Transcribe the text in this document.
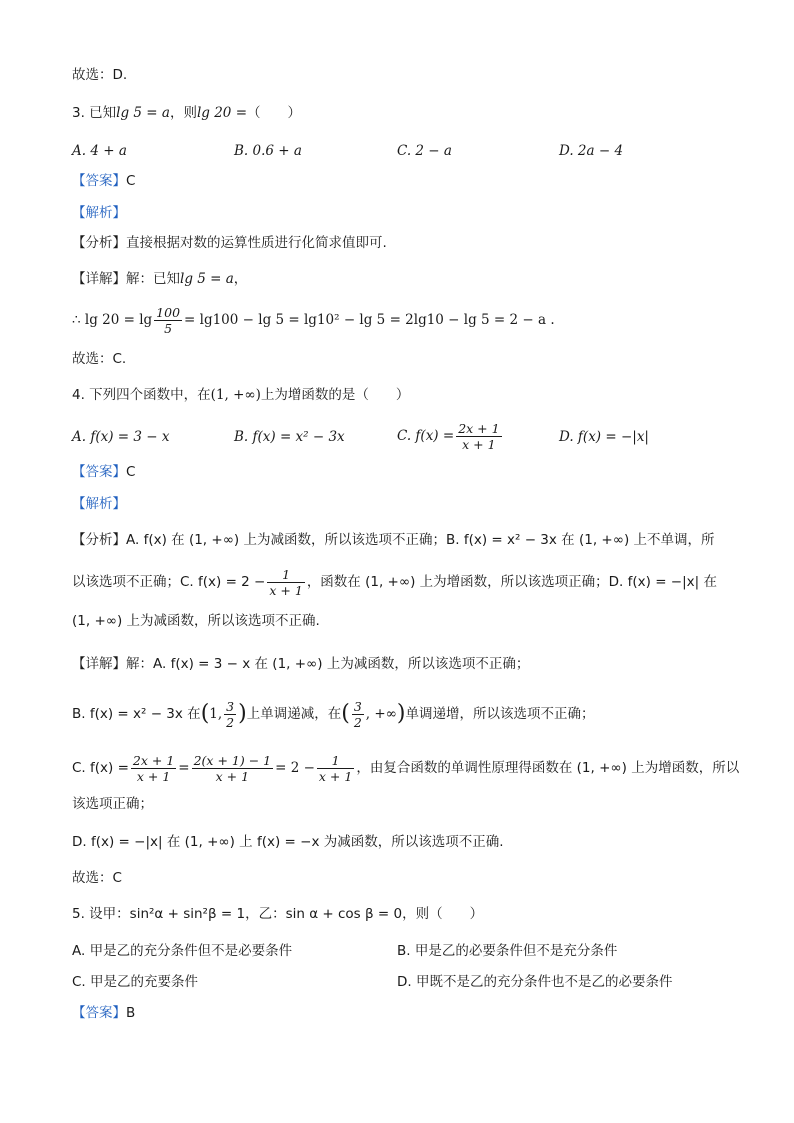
故选：D.
3. 已知lg 5 = a，则lg 20 =（　　）
A. 4 + a	B. 0.6 + a	C. 2 − a	D. 2a − 4
【答案】C
【解析】
【分析】直接根据对数的运算性质进行化简求值即可.
【详解】解：已知lg 5 = a，
∴ $\lg 20 = \lg \frac{100}{5} = \lg 100 - \lg 5 = \lg 10^2 - \lg 5 = 2\lg 10 - \lg 5 = 2 - a$ .
故选：C.
4. 下列四个函数中，在(1, +∞)上为增函数的是（　　）
A. f(x) = 3 − x	B. f(x) = x² − 3x	C. $f(x) = \frac{2x + 1}{x + 1}$	D. f(x) = −|x|
【答案】C
【解析】
【分析】A. f(x) 在 (1, +∞) 上为减函数，所以该选项不正确；B. f(x) = x² − 3x 在 (1, +∞) 上不单调，所
以该选项不正确；C. $f(x) = 2 - \frac{1}{x + 1}$ ，函数在 (1, +∞) 上为增函数，所以该选项正确；D. f(x) = −|x| 在
(1, +∞) 上为减函数，所以该选项不正确.
【详解】解：A. f(x) = 3 − x 在 (1, +∞) 上为减函数，所以该选项不正确；
B. f(x) = x² − 3x 在(1, $\frac{3}{2}$ )上单调递减，在( $\frac{3}{2}$ , +∞)单调递增，所以该选项不正确；
C. $f(x) = \frac{2x + 1}{x + 1} = \frac{2(x + 1) - 1}{x + 1} = 2 - \frac{1}{x + 1}$ ，由复合函数的单调性原理得函数在 (1, +∞) 上为增函数，所以
该选项正确；
D. f(x) = −|x| 在 (1, +∞) 上 f(x) = −x 为减函数，所以该选项不正确.
故选：C
5. 设甲：sin²α + sin²β = 1，乙：sin α + cos β = 0，则（　　）
A. 甲是乙的充分条件但不是必要条件	B. 甲是乙的必要条件但不是充分条件
C. 甲是乙的充要条件	D. 甲既不是乙的充分条件也不是乙的必要条件
【答案】B
